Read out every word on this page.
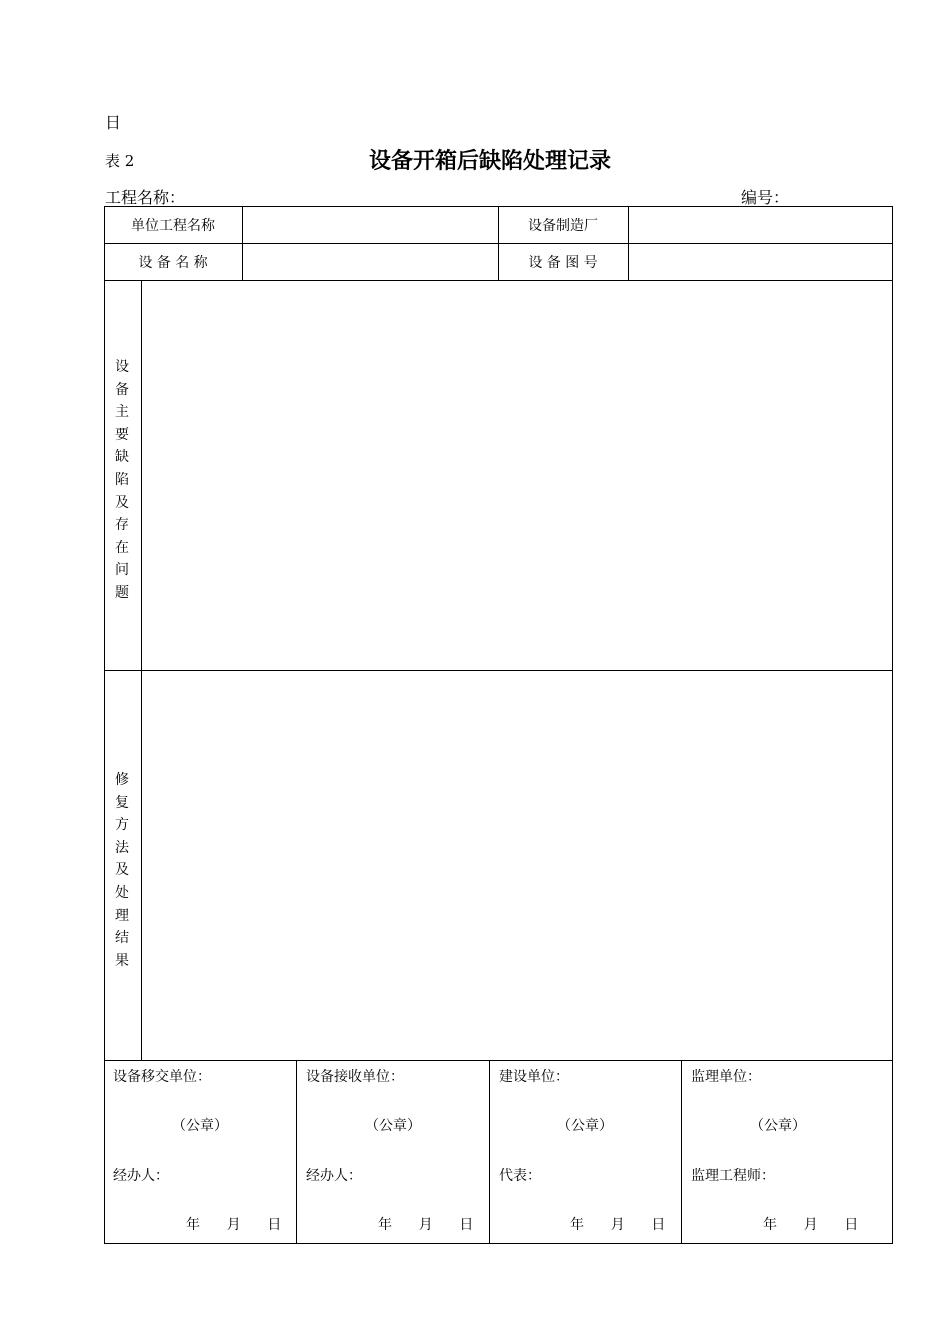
日
表 2	设备开箱后缺陷处理记录
工程名称：	编号：
单位工程名称	设备制造厂
设 备 名 称	设 备 图 号
设
备
主
要
缺
陷
及
存
在
问
题
修
复
方
法
及
处
理
结
果
设备移交单位：
（公章）
经办人：
年      月      日
设备接收单位：
（公章）
经办人：
年      月      日
建设单位：
（公章）
代表：
年      月      日
监理单位：
（公章）
监理工程师：
年      月      日
